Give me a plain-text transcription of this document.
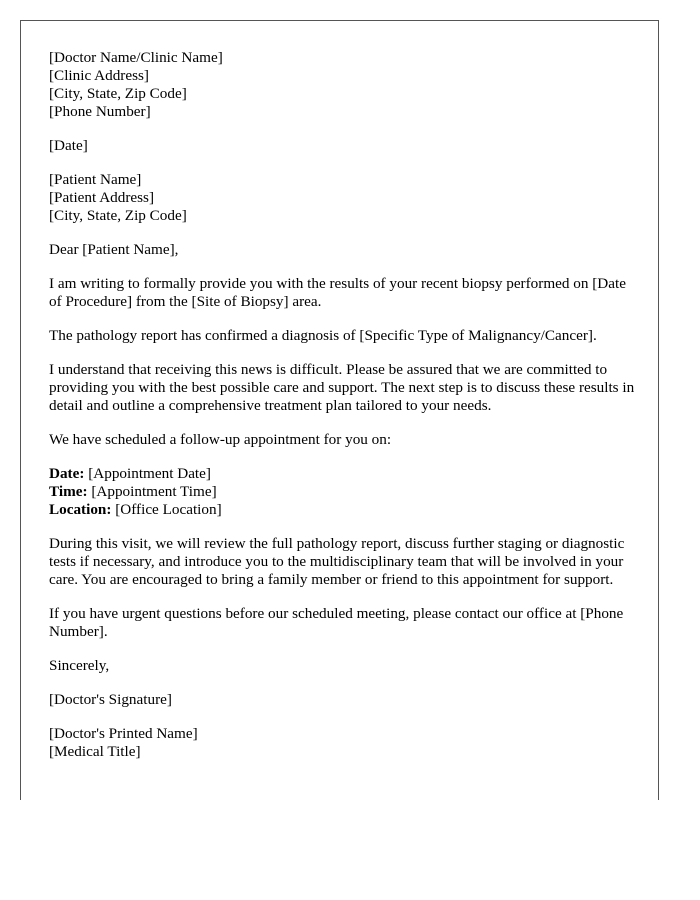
[Doctor Name/Clinic Name]
[Clinic Address]
[City, State, Zip Code]
[Phone Number]

[Date]

[Patient Name]
[Patient Address]
[City, State, Zip Code]

Dear [Patient Name],

I am writing to formally provide you with the results of your recent biopsy performed on [Date of Procedure] from the [Site of Biopsy] area.

The pathology report has confirmed a diagnosis of [Specific Type of Malignancy/Cancer].

I understand that receiving this news is difficult. Please be assured that we are committed to providing you with the best possible care and support. The next step is to discuss these results in detail and outline a comprehensive treatment plan tailored to your needs.

We have scheduled a follow-up appointment for you on:

Date: [Appointment Date]
Time: [Appointment Time]
Location: [Office Location]

During this visit, we will review the full pathology report, discuss further staging or diagnostic tests if necessary, and introduce you to the multidisciplinary team that will be involved in your care. You are encouraged to bring a family member or friend to this appointment for support.

If you have urgent questions before our scheduled meeting, please contact our office at [Phone Number].

Sincerely,

[Doctor's Signature]

[Doctor's Printed Name]
[Medical Title]
